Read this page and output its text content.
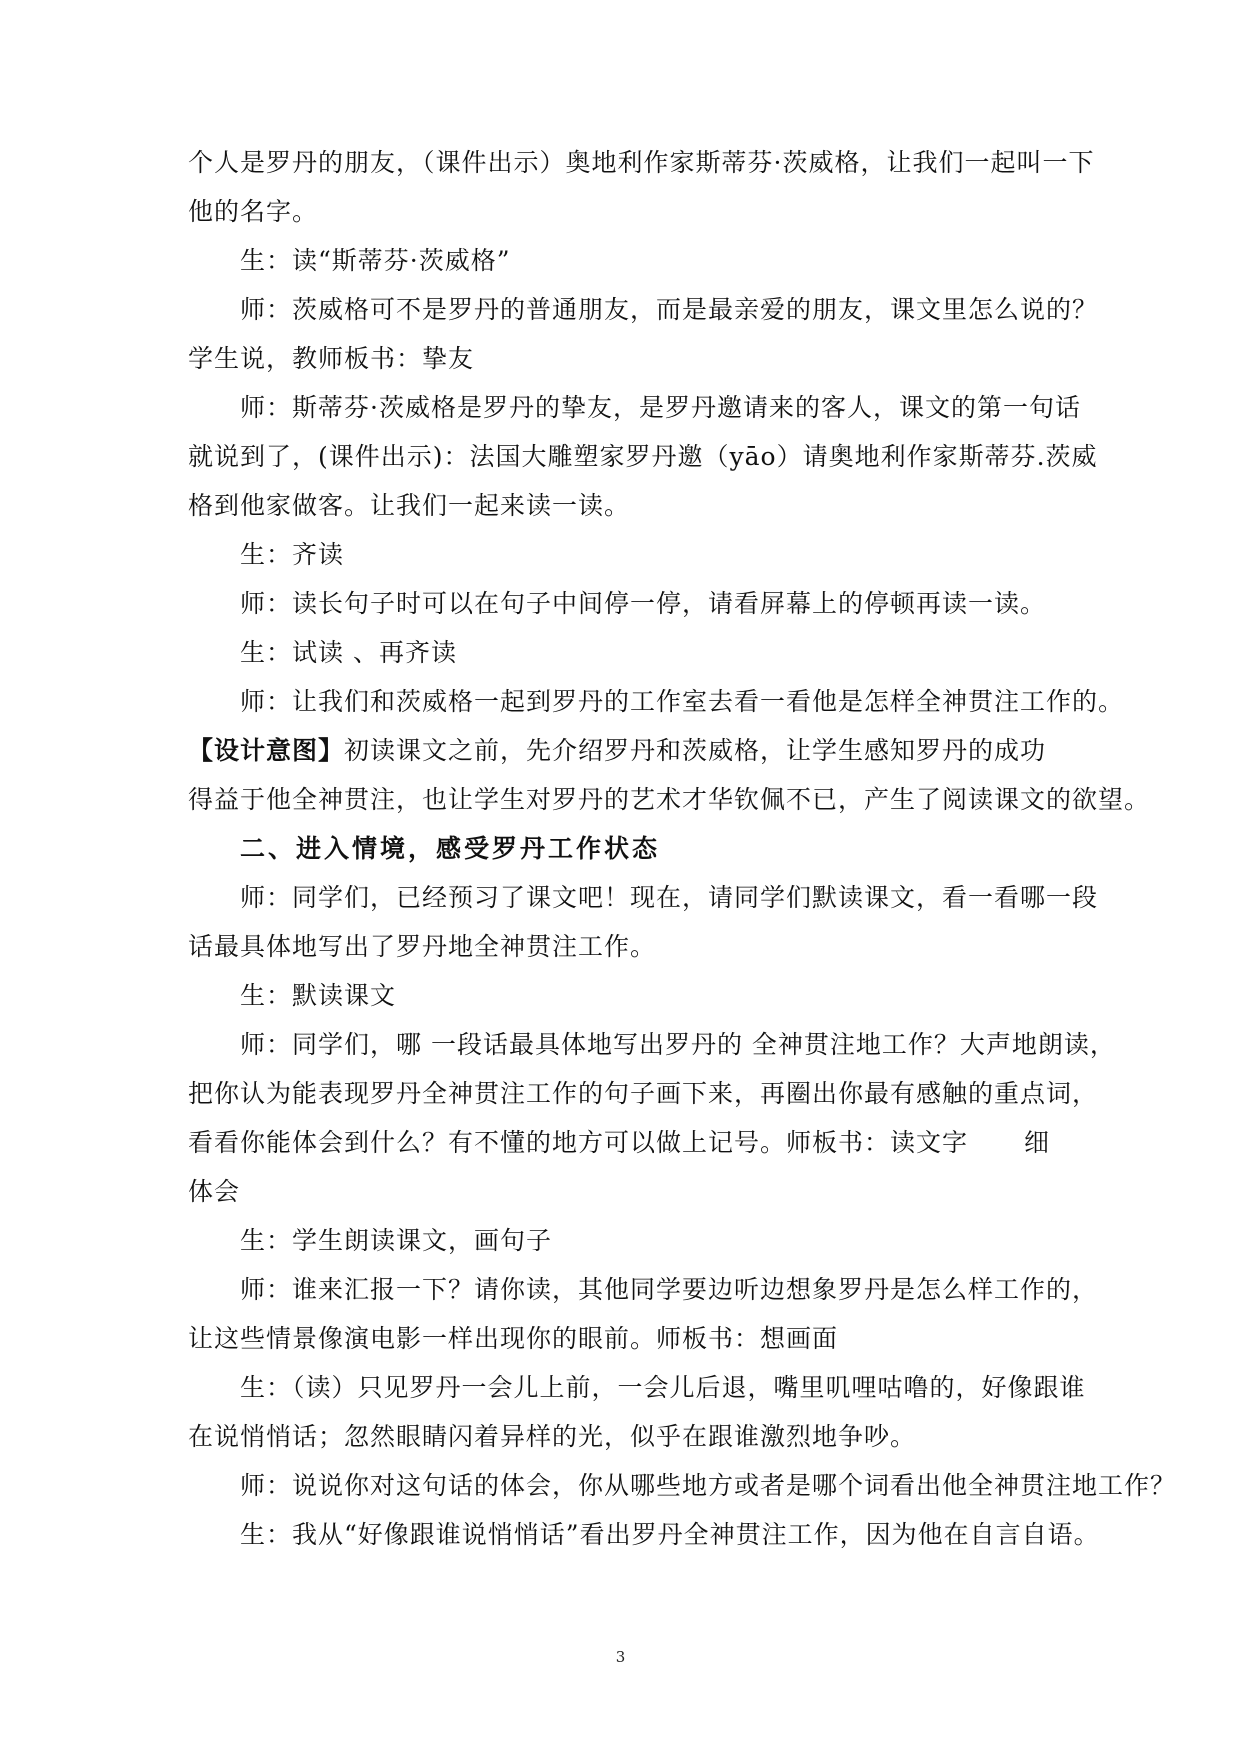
个人是罗丹的朋友，（课件出示）奥地利作家斯蒂芬·茨威格，让我们一起叫一下

他的名字。

生：读“斯蒂芬·茨威格”

师：茨威格可不是罗丹的普通朋友，而是最亲爱的朋友，课文里怎么说的？

学生说，教师板书：挚友

师：斯蒂芬·茨威格是罗丹的挚友，是罗丹邀请来的客人，课文的第一句话

就说到了，(课件出示)：法国大雕塑家罗丹邀（yāo）请奥地利作家斯蒂芬.茨威

格到他家做客。让我们一起来读一读。

生：齐读

师：读长句子时可以在句子中间停一停，请看屏幕上的停顿再读一读。

生：试读 、再齐读

师：让我们和茨威格一起到罗丹的工作室去看一看他是怎样全神贯注工作的。

【设计意图】初读课文之前，先介绍罗丹和茨威格，让学生感知罗丹的成功

得益于他全神贯注，也让学生对罗丹的艺术才华钦佩不已，产生了阅读课文的欲望。

二、进入情境，感受罗丹工作状态

师：同学们，已经预习了课文吧！现在，请同学们默读课文，看一看哪一段

话最具体地写出了罗丹地全神贯注工作。

生：默读课文

师：同学们，哪 一段话最具体地写出罗丹的 全神贯注地工作？大声地朗读，

把你认为能表现罗丹全神贯注工作的句子画下来，再圈出你最有感触的重点词，

看看你能体会到什么？有不懂的地方可以做上记号。师板书：读文字 细

体会

生：学生朗读课文，画句子

师：谁来汇报一下？请你读，其他同学要边听边想象罗丹是怎么样工作的，

让这些情景像演电影一样出现你的眼前。师板书：想画面

生：（读）只见罗丹一会儿上前，一会儿后退，嘴里叽哩咕噜的，好像跟谁

在说悄悄话；忽然眼睛闪着异样的光，似乎在跟谁激烈地争吵。

师：说说你对这句话的体会，你从哪些地方或者是哪个词看出他全神贯注地工作？

生：我从“好像跟谁说悄悄话”看出罗丹全神贯注工作，因为他在自言自语。

3
